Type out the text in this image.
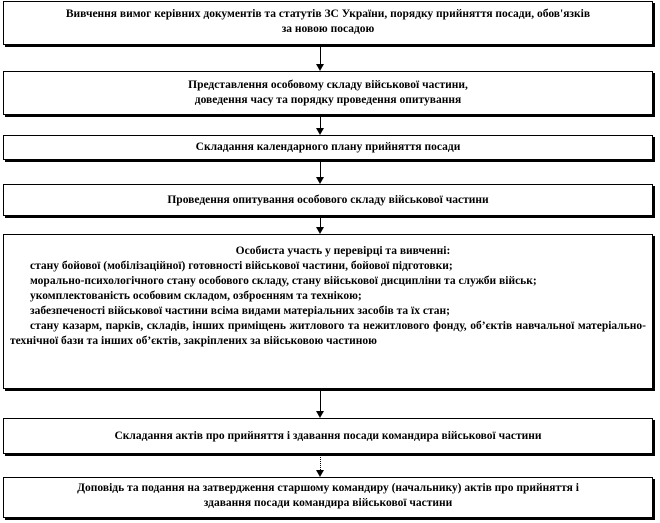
Вивчення вимог керівних документів та статутів ЗС України, порядку прийняття посади, обов'язків
за новою посадою
Представлення особовому складу військової частини,
доведення часу та порядку проведення опитування
Складання календарного плану прийняття посади
Проведення опитування особового складу військової частини
Особиста участь у перевірці та вивченні:
стану бойової (мобілізаційної) готовності військової частини, бойової підготовки;
морально-психологічного стану особового складу, стану військової дисципліни та служби військ;
укомплектованість особовим складом, озброєнням та технікою;
забезпеченості військової частини всіма видами матеріальних засобів та їх стан;
стану казарм, парків, складів, інших приміщень житлового та нежитлового фонду, об’єктів навчальної матеріально-технічної бази та інших об’єктів, закріплених за військовою частиною
Складання актів про прийняття і здавання посади командира військової частини
Доповідь та подання на затвердження старшому командиру (начальнику) актів про прийняття і
здавання посади командира військової частини
